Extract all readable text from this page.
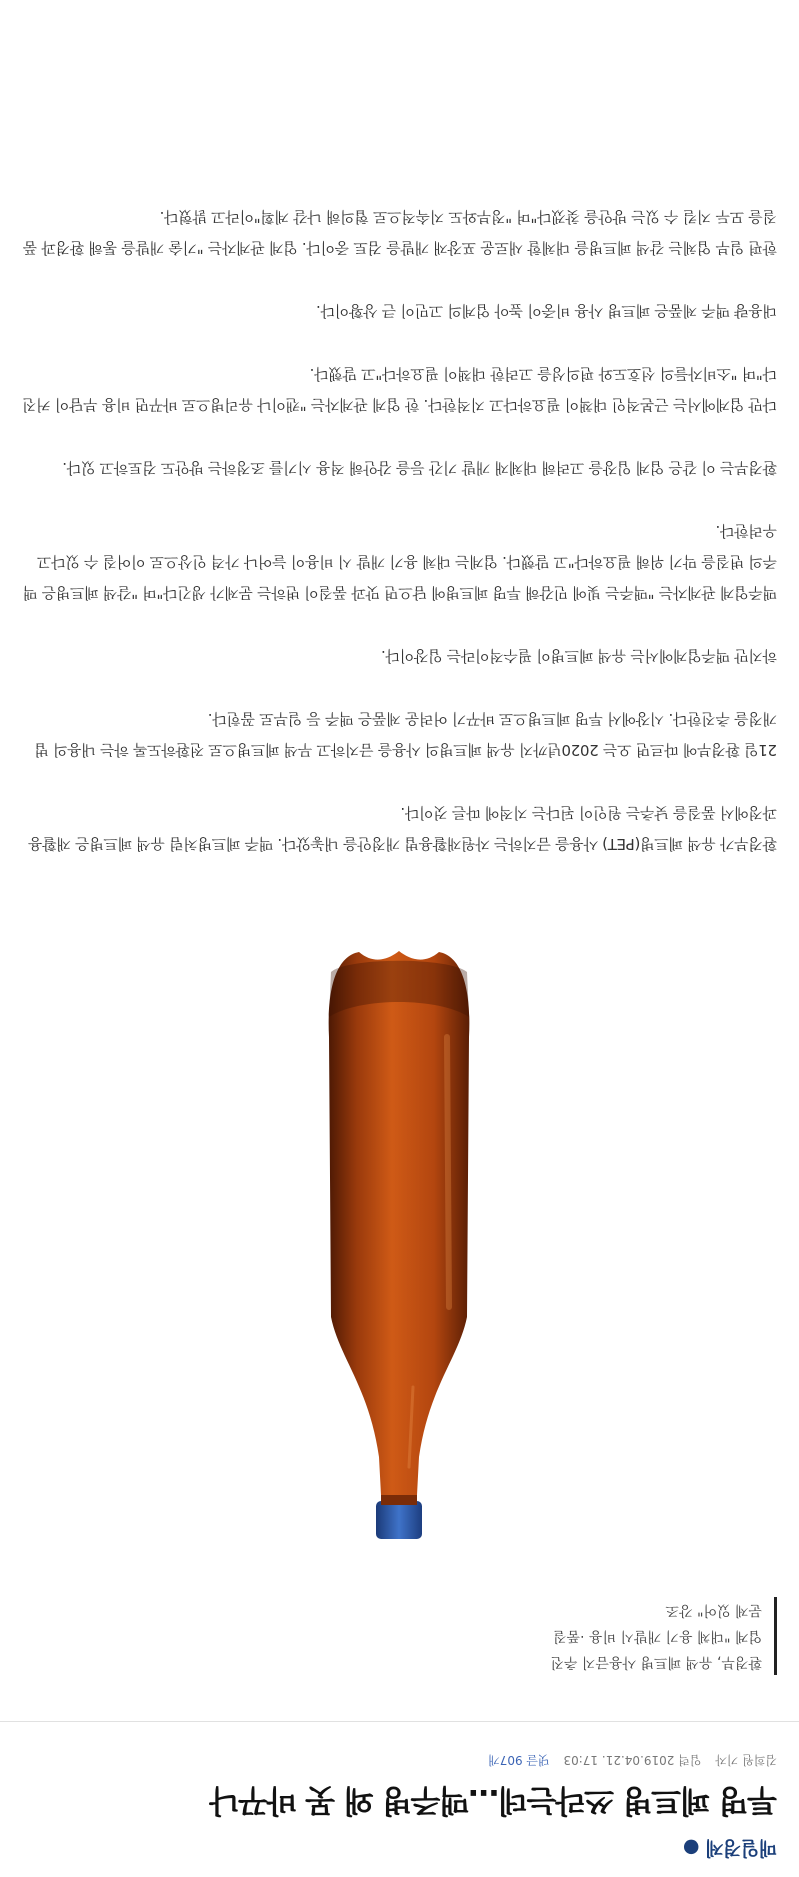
매일경제 ●
투명 페트병 쓰라는데…맥주병 왜 못 바꾸나
김희원 기자 입력 2019.04.21. 17:03 댓글 907개
환경부, 유색 페트병 사용금지 추진
업계 "대체 용기 개발시 비용 ·품질
문제 있어" 강조

환경부가 유색 페트병(PET) 사용을 금지하는 자원재활용법 개정안을 내놓았다. 맥주 페트병처럼 유색 페트병은 재활용 과정에서 품질을 낮추는 원인이 된다는 지적에 따른 것이다.

21일 환경부에 따르면 오는 2020년까지 유색 페트병의 사용을 금지하고 무색 페트병으로 전환하도록 하는 내용의 법 개정을 추진한다. 시장에서 투명 페트병으로 바꾸기 어려운 제품은 맥주 등 일부로 꼽힌다.

하지만 맥주업계에서는 유색 페트병이 필수적이라는 입장이다.

맥주업계 관계자는 "맥주는 빛에 민감해 투명 페트병에 담으면 맛과 품질이 변하는 문제가 생긴다"며 "갈색 페트병은 맥주의 변질을 막기 위해 필요하다"고 말했다. 업계는 대체 용기 개발 시 비용이 늘어나 가격 인상으로 이어질 수 있다고 우려한다.

환경부는 이 같은 업계 입장을 고려해 대체재 개발 기간 등을 감안해 적용 시기를 조정하는 방안도 검토하고 있다.

다만 업계에서는 근본적인 대책이 필요하다고 지적한다. 한 업계 관계자는 "캔이나 유리병으로 바꾸면 비용 부담이 커진다"며 "소비자들의 선호도와 편의성을 고려한 대책이 필요하다"고 말했다.

대용량 맥주 제품은 페트병 사용 비중이 높아 업계의 고민이 큰 상황이다.

한편 일부 업체는 갈색 페트병을 대체할 새로운 포장재 개발을 검토 중이다. 업계 관계자는 "기술 개발을 통해 환경과 품질을 모두 지킬 수 있는 방안을 찾겠다"며 "정부와도 지속적으로 협의해 나갈 계획"이라고 밝혔다.
